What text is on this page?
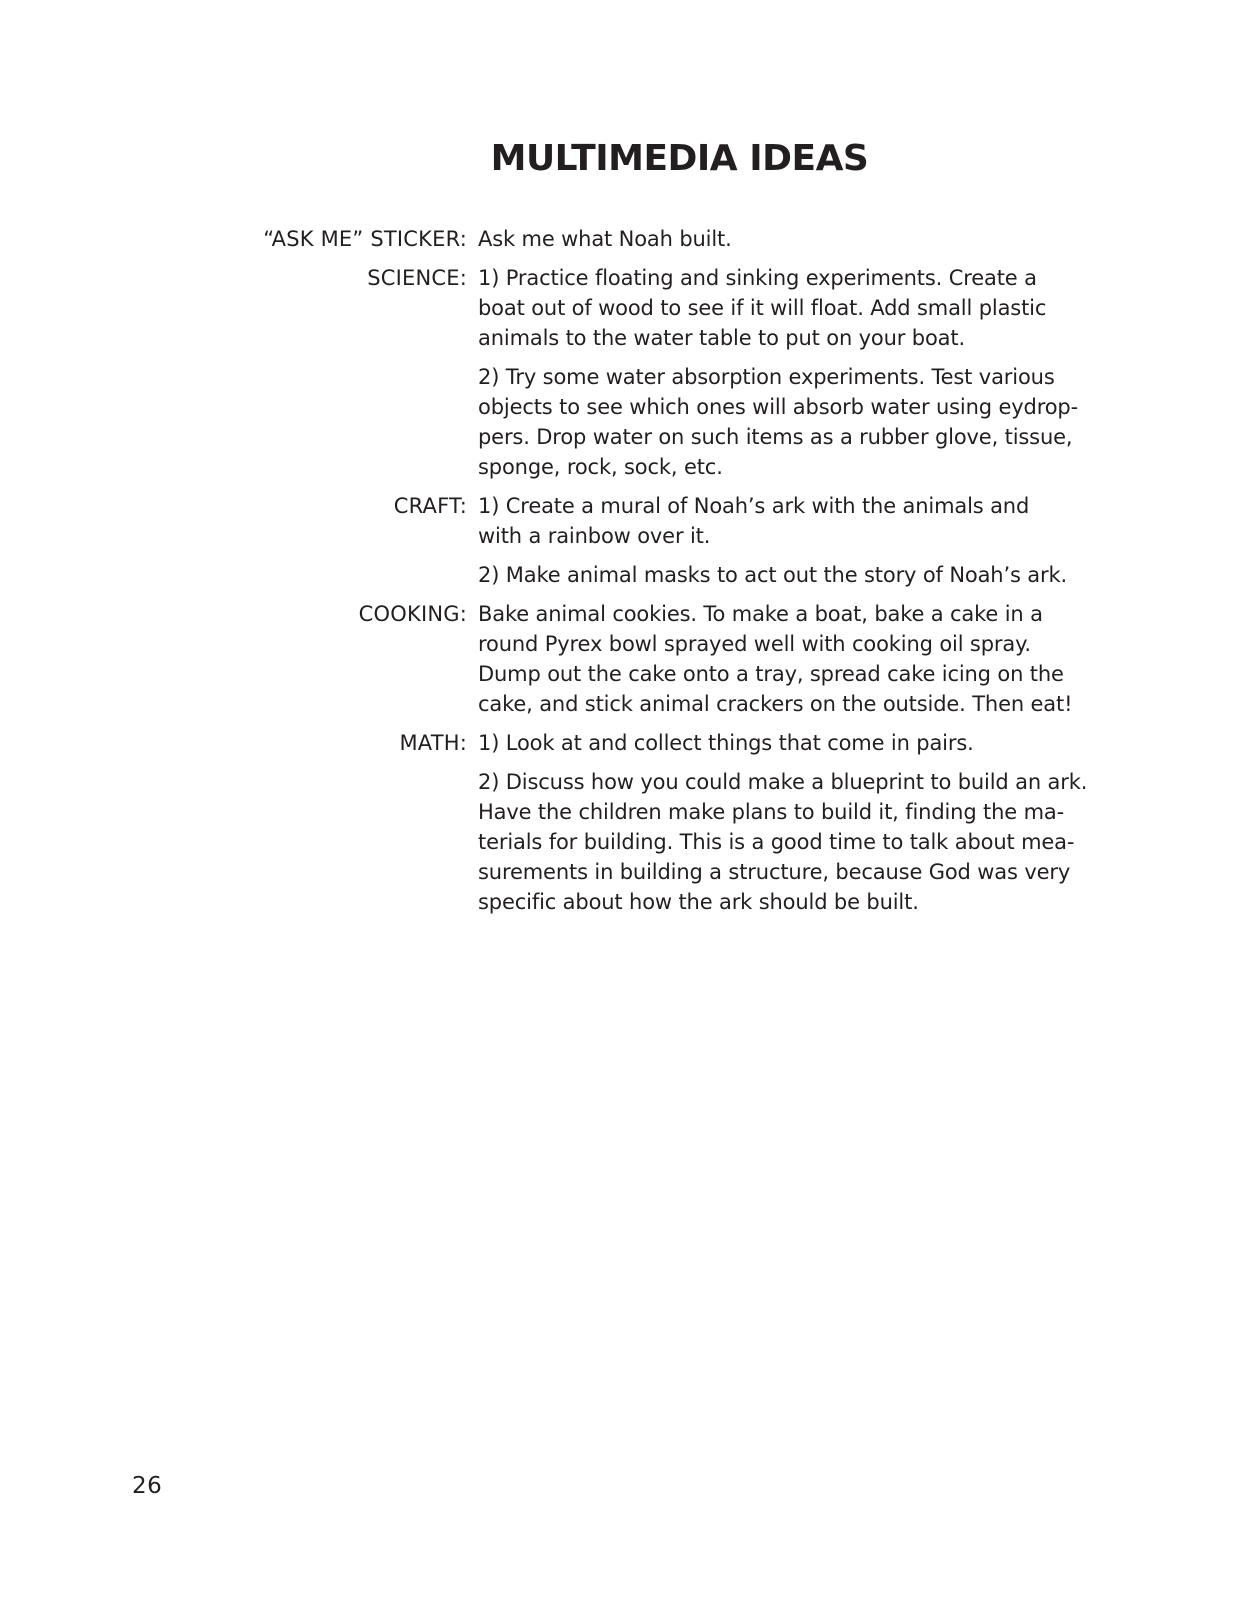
MULTIMEDIA IDEAS
“ASK ME” STICKER: Ask me what Noah built.

SCIENCE: 1) Practice floating and sinking experiments. Create a
boat out of wood to see if it will float. Add small plastic
animals to the water table to put on your boat.

2) Try some water absorption experiments. Test various
objects to see which ones will absorb water using eydrop-
pers. Drop water on such items as a rubber glove, tissue,
sponge, rock, sock, etc.

CRAFT: 1) Create a mural of Noah’s ark with the animals and
with a rainbow over it.

2) Make animal masks to act out the story of Noah’s ark.

COOKING: Bake animal cookies. To make a boat, bake a cake in a
round Pyrex bowl sprayed well with cooking oil spray.
Dump out the cake onto a tray, spread cake icing on the
cake, and stick animal crackers on the outside. Then eat!

MATH: 1) Look at and collect things that come in pairs.

2) Discuss how you could make a blueprint to build an ark.
Have the children make plans to build it, finding the ma-
terials for building. This is a good time to talk about mea-
surements in building a structure, because God was very
specific about how the ark should be built.

26
